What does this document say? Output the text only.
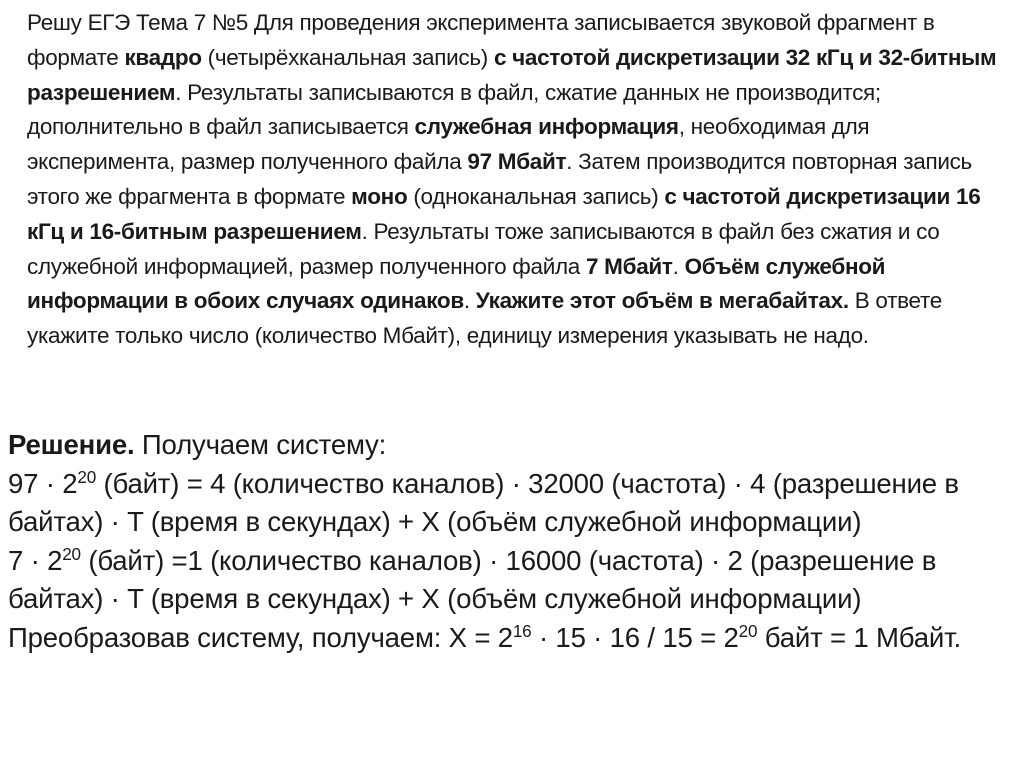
Решу ЕГЭ Тема 7 №5 Для проведения эксперимента записывается звуковой фрагмент в формате квадро (четырёхканальная запись) с частотой дискретизации 32 кГц и 32-битным разрешением. Результаты записываются в файл, сжатие данных не производится; дополнительно в файл записывается служебная информация, необходимая для эксперимента, размер полученного файла 97 Мбайт. Затем производится повторная запись этого же фрагмента в формате моно (одноканальная запись) с частотой дискретизации 16 кГц и 16-битным разрешением. Результаты тоже записываются в файл без сжатия и со служебной информацией, размер полученного файла 7 Мбайт. Объём служебной информации в обоих случаях одинаков. Укажите этот объём в мегабайтах. В ответе укажите только число (количество Мбайт), единицу измерения указывать не надо.

Решение. Получаем систему:

$97 \cdot 2^{20}$ (байт) = 4 (количество каналов) · 32000 (частота) · 4 (разрешение в байтах) · T (время в секундах) + X (объём служебной информации)

$7 \cdot 2^{20}$ (байт) =1 (количество каналов) · 16000 (частота) · 2 (разрешение в байтах) · T (время в секундах) + X (объём служебной информации)

Преобразовав систему, получаем: $X = 2^{16} \cdot 15 \cdot 16 / 15 = 2^{20}$ байт = 1 Мбайт.
